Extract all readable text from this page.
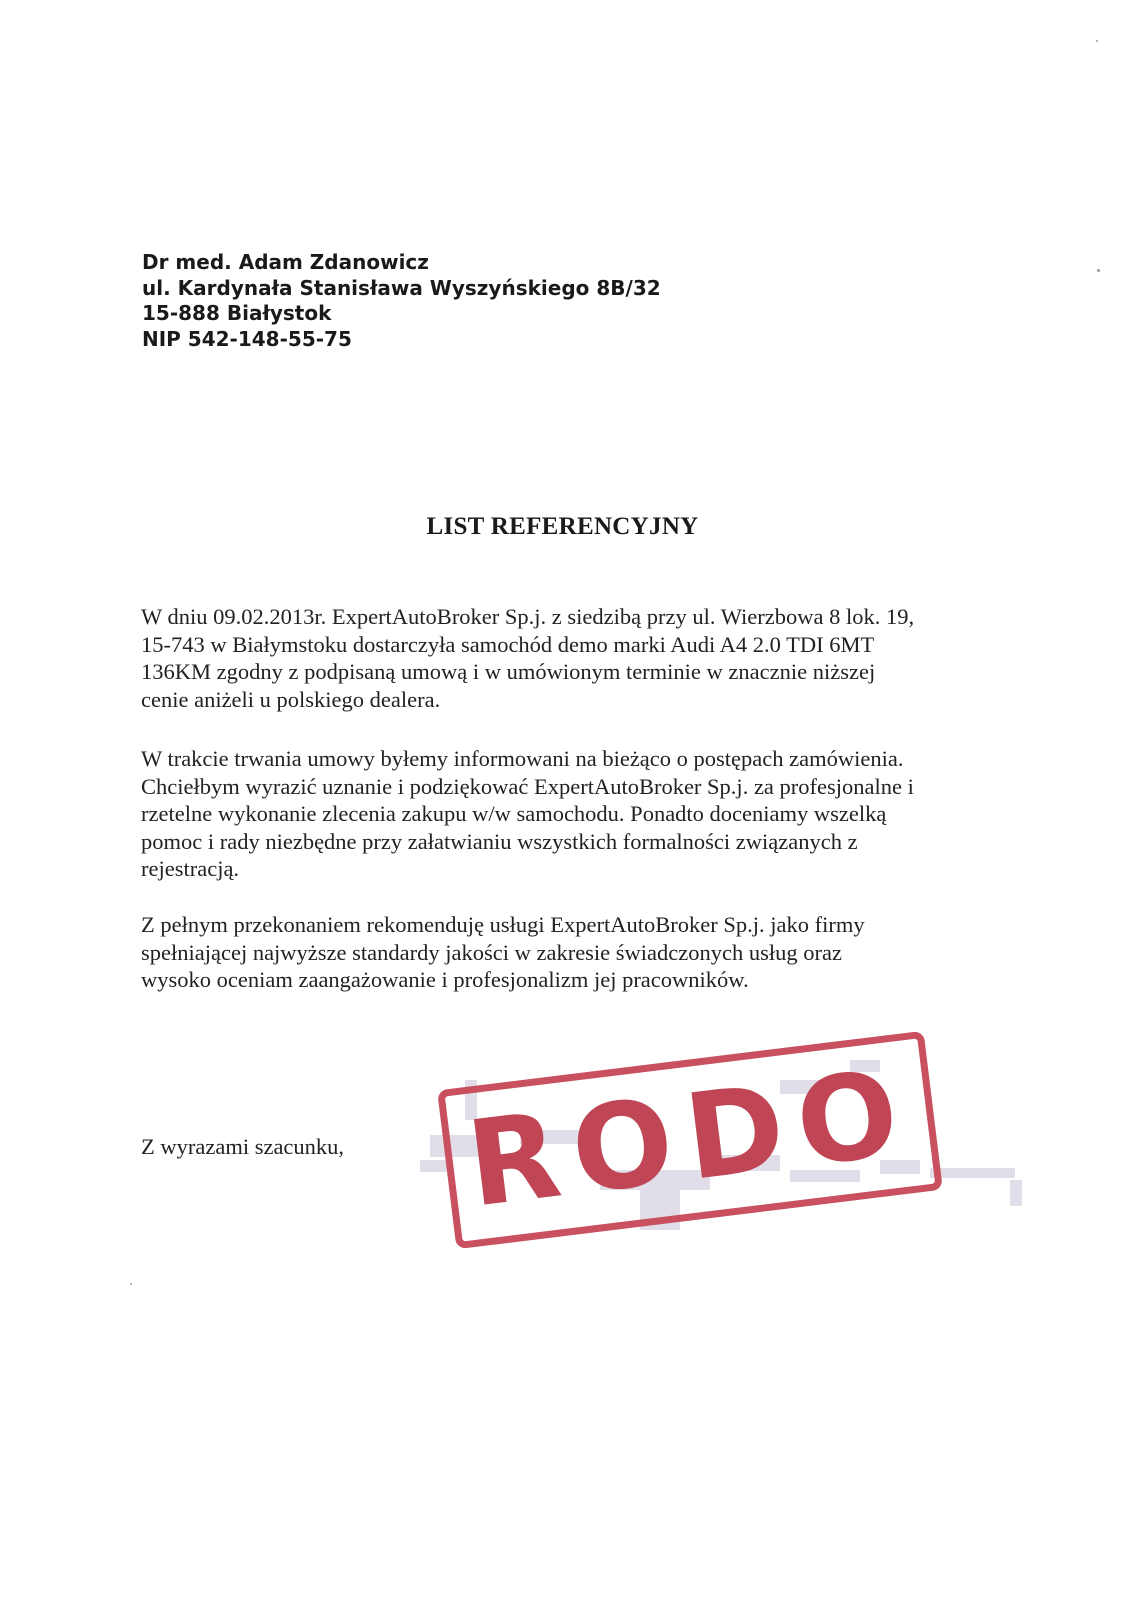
Dr med. Adam Zdanowicz
ul. Kardynała Stanisława Wyszyńskiego 8B/32
15-888 Białystok
NIP 542-148-55-75
LIST REFERENCYJNY
W dniu 09.02.2013r. ExpertAutoBroker Sp.j. z siedzibą przy ul. Wierzbowa 8 lok. 19,
15-743 w Białymstoku dostarczyła samochód demo marki Audi A4 2.0 TDI 6MT
136KM zgodny z podpisaną umową i w umówionym terminie w znacznie niższej
cenie aniżeli u polskiego dealera.
W trakcie trwania umowy byłemy informowani na bieżąco o postępach zamówienia.
Chciełbym wyrazić uznanie i podziękować ExpertAutoBroker Sp.j. za profesjonalne i
rzetelne wykonanie zlecenia zakupu w/w samochodu. Ponadto doceniamy wszelką
pomoc i rady niezbędne przy załatwianiu wszystkich formalności związanych z
rejestracją.
Z pełnym przekonaniem rekomenduję usługi ExpertAutoBroker Sp.j. jako firmy
spełniającej najwyższe standardy jakości w zakresie świadczonych usług oraz
wysoko oceniam zaangażowanie i profesjonalizm jej pracowników.
Z wyrazami szacunku, RODO
